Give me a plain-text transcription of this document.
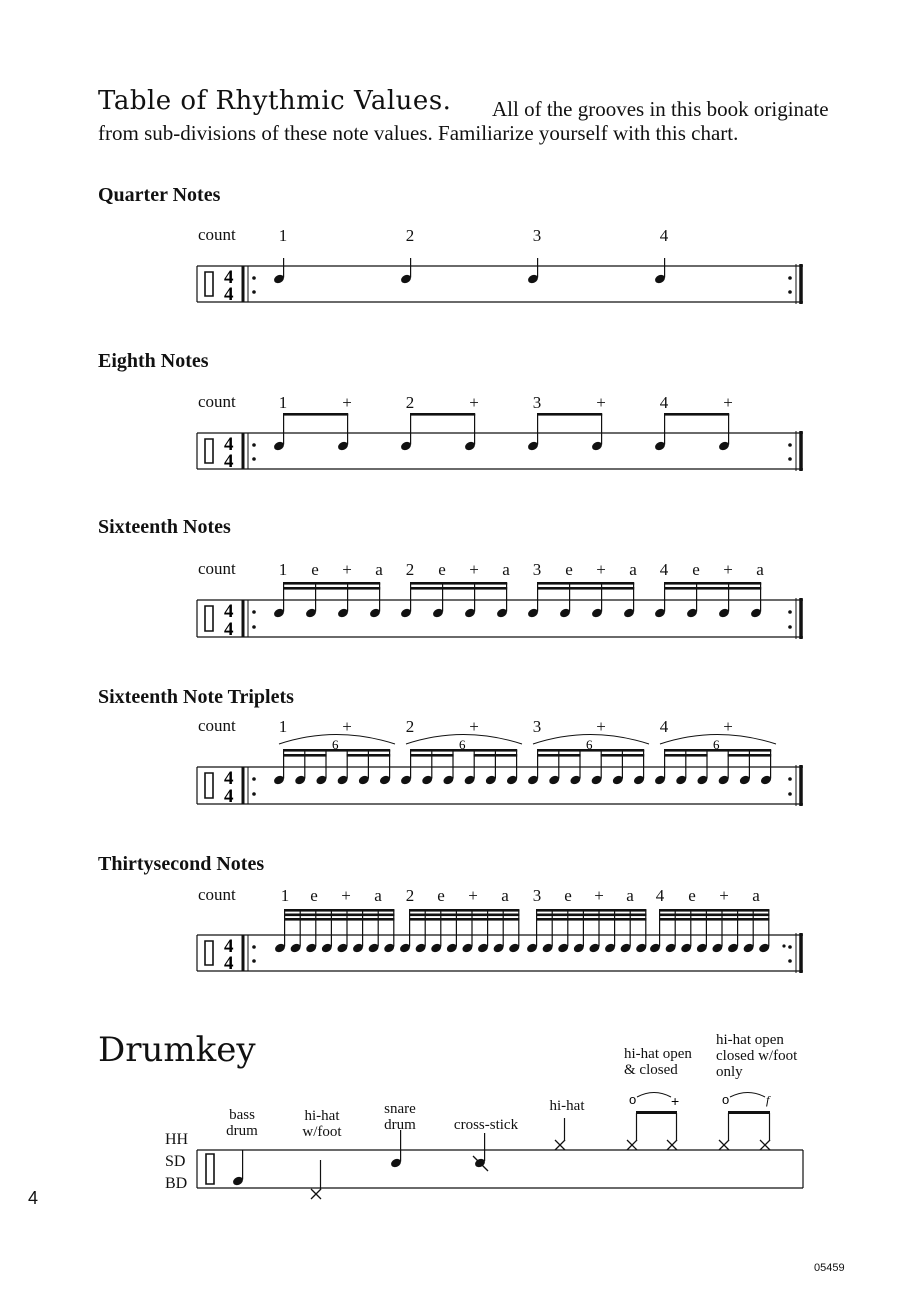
Table of Rhythmic Values. All of the grooves in this book originate
from sub-divisions of these note values. Familiarize yourself with this chart.
Quarter Notes
Eighth Notes
Sixteenth Notes
Sixteenth Note Triplets
Thirtysecond Notes
count
count
count
count
count
1	2	3	4
1	+	2	+	3	+	4	+
1 e + a 2 e + a 3 e + a 4 e + a
1	+	2	+	3	+	4	+
1 e + a 2 e + a 3 e + a 4 e + a
4
4
4
4
4
4
4
4
4
4
6	6	6	6
Drumkey
bass
drum
hi-hat
w/foot
snare
drum	cross-stick
hi-hat
hi-hat open
& closed
hi-hat open
closed w/foot
only
HH
SD
BD
o +	o	f
4
05459
